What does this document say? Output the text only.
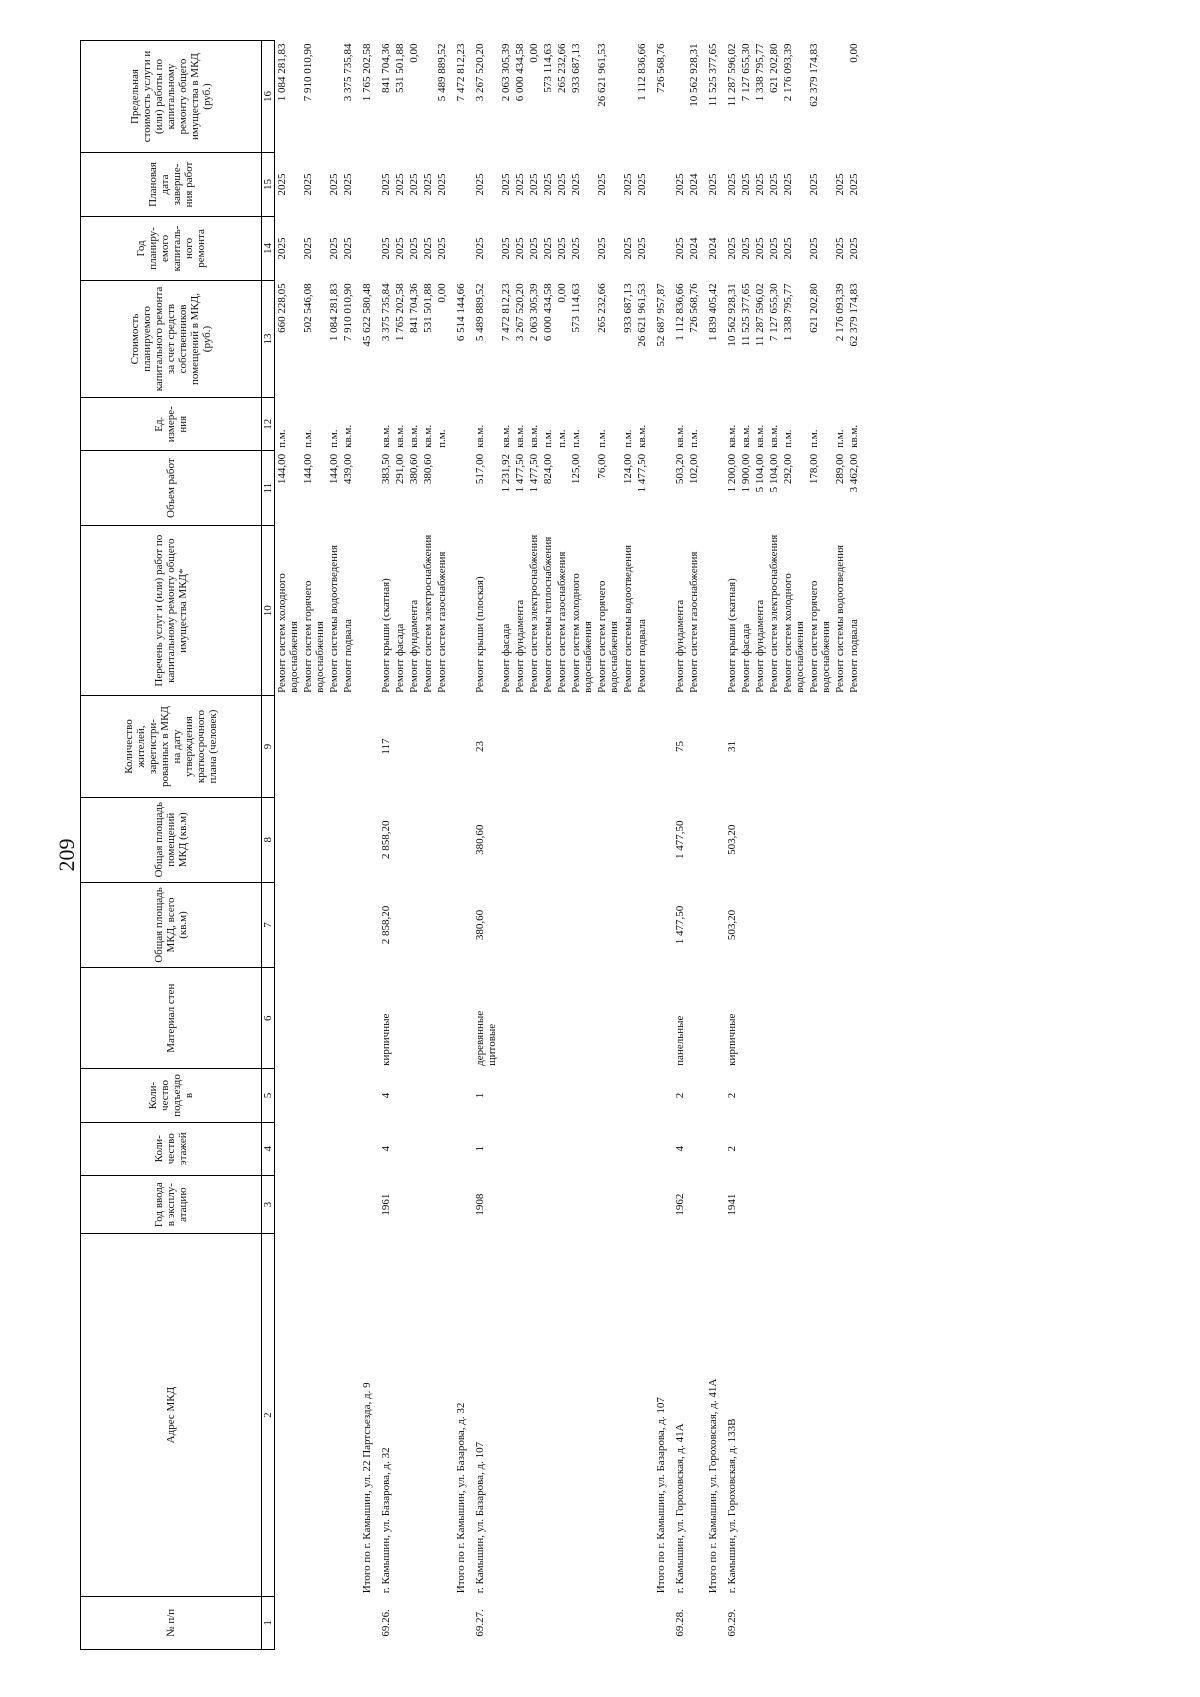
209
№ п/п	Адрес МКД	Год ввода в эксплу-атацию	Коли-чество этажей	Коли-чество подъездо в	Материал стен	Общая площадь МКД, всего (кв.м)	Общая площадь помещений МКД (кв.м)	Количество жителей, зарегистри-рованных в МКД на дату утверждения краткосрочного плана (человек)	Перечень услуг и (или) работ по капитальному ремонту общего имущества МКД*	Объем работ	Ед. измере-ния	Стоимость планируемого капитального ремонта за счет средств собственников помещений в МКД, (руб.)	Год планиру-емого капиталь-ного ремонта	Плановая дата заверше-ния работ	Предельная стоимость услуги и (или) работы по капитальному ремонту общего имущества в МКД (руб.)
1	2	3	4	5	6	7	8	9	10	11	12	13	14	15	16
									Ремонт систем холодного водоснабжения	144,00	п.м.	660 228,05	2025	2025	1 084 281,83
									Ремонт систем горячего водоснабжения	144,00	п.м.	502 546,08	2025	2025	7 910 010,90
									Ремонт системы водоотведения	144,00	п.м.	1 084 281,83	2025	2025	
									Ремонт подвала	439,00	кв.м.	7 910 010,90	2025	2025	3 375 735,84
	Итого по г. Камышин, ул. 22 Партсъезда, д. 9											45 622 580,48			1 765 202,58
69.26.	г. Камышин, ул. Базарова, д. 32	1961	4	4	кирпичные	2 858,20	2 858,20	117	Ремонт крыши (скатная)	383,50	кв.м.	3 375 735,84	2025	2025	841 704,36
									Ремонт фасада	291,00	кв.м.	1 765 202,58	2025	2025	531 501,88
									Ремонт фундамента	380,60	кв.м.	841 704,36	2025	2025	0,00
									Ремонт систем электроснабжения	380,60	кв.м.	531 501,88	2025	2025	
									Ремонт систем газоснабжения		п.м.	0,00	2025	2025	5 489 889,52
	Итого по г. Камышин, ул. Базарова, д. 32											6 514 144,66			7 472 812,23
69.27.	г. Камышин, ул. Базарова, д. 107	1908	1	1	деревянные щитовые	380,60	380,60	23	Ремонт крыши (плоская)	517,00	кв.м.	5 489 889,52	2025	2025	3 267 520,20
									Ремонт фасада	1 231,92	кв.м.	7 472 812,23	2025	2025	2 063 305,39
									Ремонт фундамента	1 477,50	кв.м.	3 267 520,20	2025	2025	6 000 434,58
									Ремонт систем электроснабжения	1 477,50	кв.м.	2 063 305,39	2025	2025	0,00
									Ремонт системы теплоснабжения	824,00	п.м.	6 000 434,58	2025	2025	573 114,63
									Ремонт систем газоснабжения		п.м.	0,00	2025	2025	265 232,66
									Ремонт систем холодного водоснабжения	125,00	п.м.	573 114,63	2025	2025	933 687,13
									Ремонт систем горячего водоснабжения	76,00	п.м.	265 232,66	2025	2025	26 621 961,53
									Ремонт системы водоотведения	124,00	п.м.	933 687,13	2025	2025	
									Ремонт подвала	1 477,50	кв.м.	26 621 961,53	2025	2025	1 112 836,66
	Итого по г. Камышин, ул. Базарова, д. 107											52 687 957,87			726 568,76
69.28.	г. Камышин, ул. Гороховская, д. 41А	1962	4	2	панельные	1 477,50	1 477,50	75	Ремонт фундамента	503,20	кв.м.	1 112 836,66	2025	2025	
									Ремонт систем газоснабжения	102,00	п.м.	726 568,76	2024	2024	10 562 928,31
	Итого по г. Камышин, ул. Гороховская, д. 41А											1 839 405,42	2024	2025	11 525 377,65
69.29.	г. Камышин, ул. Гороховская, д. 133В	1941	2	2	кирпичные	503,20	503,20	31	Ремонт крыши (скатная)	1 200,00	кв.м.	10 562 928,31	2025	2025	11 287 596,02
									Ремонт фасада	1 900,00	кв.м.	11 525 377,65	2025	2025	7 127 655,30
									Ремонт фундамента	5 104,00	кв.м.	11 287 596,02	2025	2025	1 338 795,77
									Ремонт систем электроснабжения	5 104,00	кв.м.	7 127 655,30	2025	2025	621 202,80
									Ремонт систем холодного водоснабжения	292,00	п.м.	1 338 795,77	2025	2025	2 176 093,39
									Ремонт систем горячего водоснабжения	178,00	п.м.	621 202,80	2025	2025	62 379 174,83
									Ремонт системы водоотведения	289,00	п.м.	2 176 093,39	2025	2025	
									Ремонт подвала	3 462,00	кв.м.	62 379 174,83	2025	2025	0,00
